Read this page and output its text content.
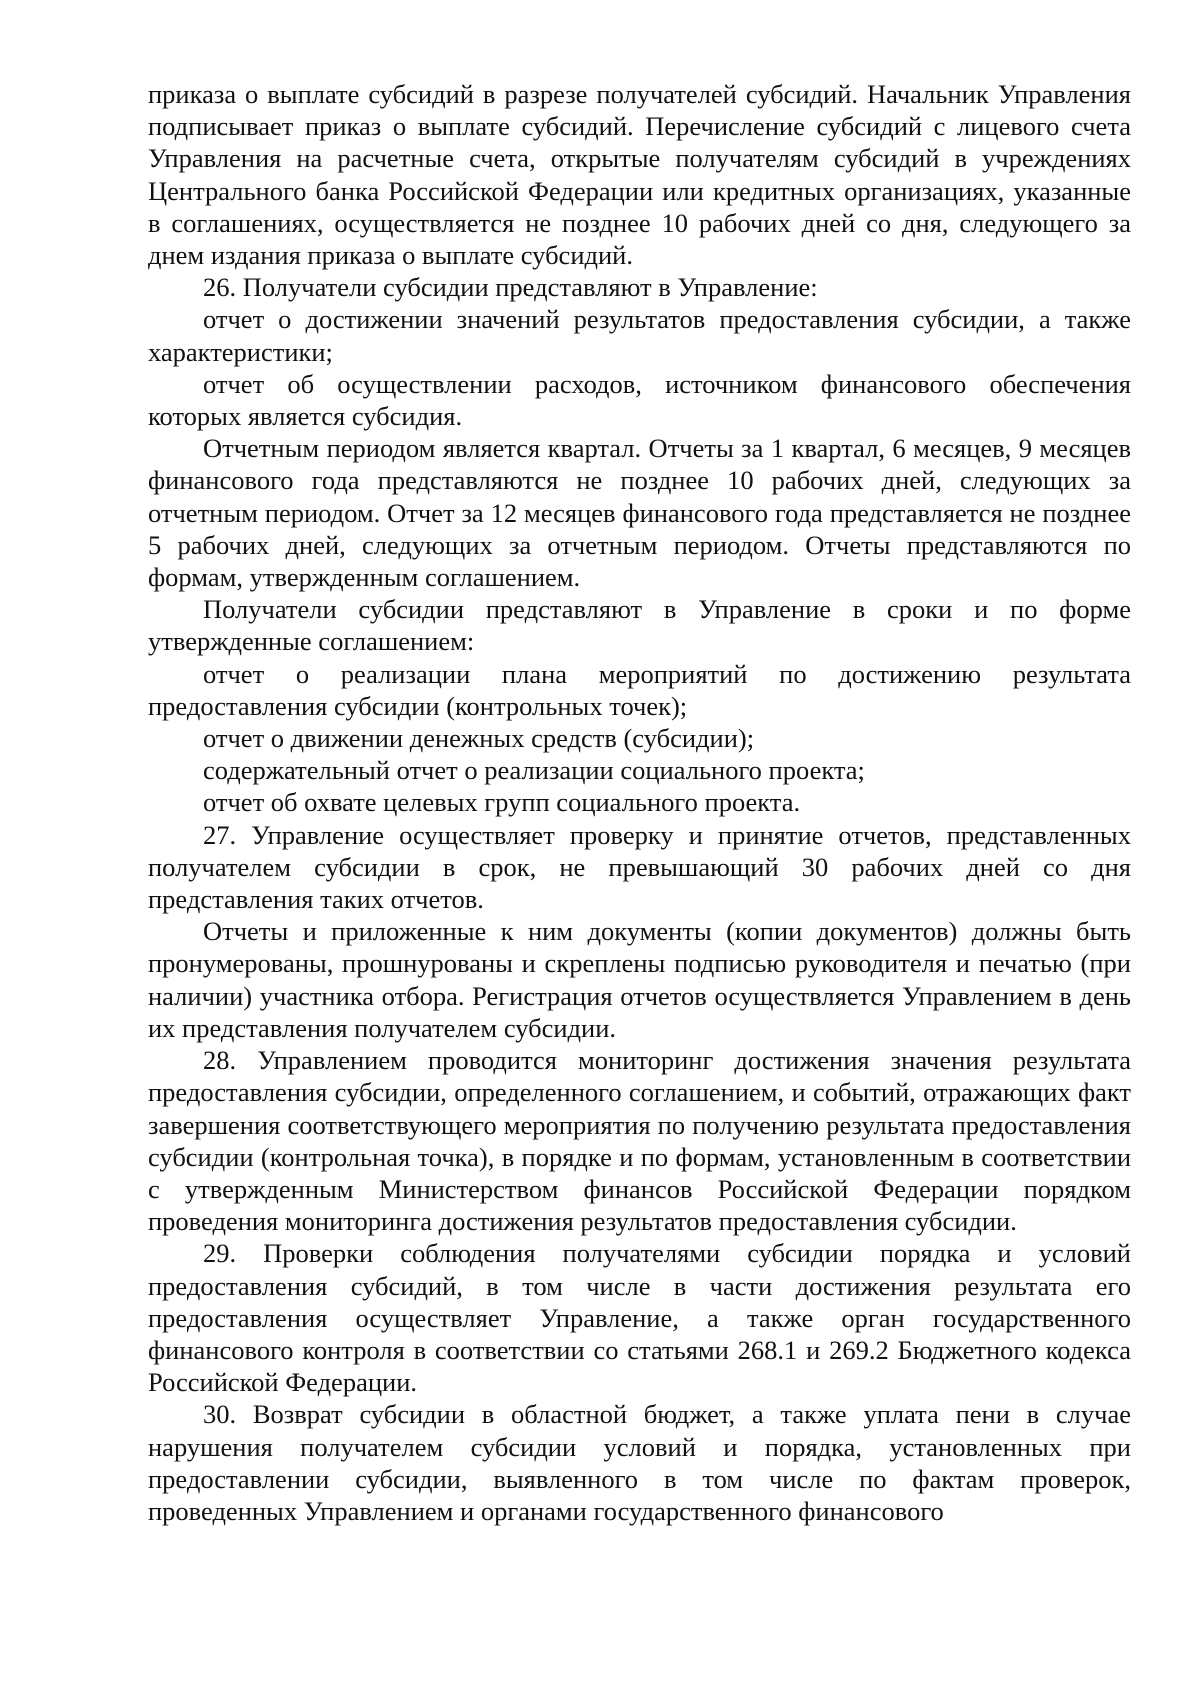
приказа о выплате субсидий в разрезе получателей субсидий. Начальник Управления подписывает приказ о выплате субсидий. Перечисление субсидий с лицевого счета Управления на расчетные счета, открытые получателям субсидий в учреждениях Центрального банка Российской Федерации или кредитных организациях, указанные в соглашениях, осуществляется не позднее 10 рабочих дней со дня, следующего за днем издания приказа о выплате субсидий.

26. Получатели субсидии представляют в Управление:

отчет о достижении значений результатов предоставления субсидии, а также характеристики;

отчет об осуществлении расходов, источником финансового обеспечения которых является субсидия.

Отчетным периодом является квартал. Отчеты за 1 квартал, 6 месяцев, 9 месяцев финансового года представляются не позднее 10 рабочих дней, следующих за отчетным периодом. Отчет за 12 месяцев финансового года представляется не позднее 5 рабочих дней, следующих за отчетным периодом. Отчеты представляются по формам, утвержденным соглашением.

Получатели субсидии представляют в Управление в сроки и по форме утвержденные соглашением:

отчет о реализации плана мероприятий по достижению результата предоставления субсидии (контрольных точек);

отчет о движении денежных средств (субсидии);

содержательный отчет о реализации социального проекта;

отчет об охвате целевых групп социального проекта.

27. Управление осуществляет проверку и принятие отчетов, представленных получателем субсидии в срок, не превышающий 30 рабочих дней со дня представления таких отчетов.

Отчеты и приложенные к ним документы (копии документов) должны быть пронумерованы, прошнурованы и скреплены подписью руководителя и печатью (при наличии) участника отбора. Регистрация отчетов осуществляется Управлением в день их представления получателем субсидии.

28. Управлением проводится мониторинг достижения значения результата предоставления субсидии, определенного соглашением, и событий, отражающих факт завершения соответствующего мероприятия по получению результата предоставления субсидии (контрольная точка), в порядке и по формам, установленным в соответствии с утвержденным Министерством финансов Российской Федерации порядком проведения мониторинга достижения результатов предоставления субсидии.

29. Проверки соблюдения получателями субсидии порядка и условий предоставления субсидий, в том числе в части достижения результата его предоставления осуществляет Управление, а также орган государственного финансового контроля в соответствии со статьями 268.1 и 269.2 Бюджетного кодекса Российской Федерации.

30. Возврат субсидии в областной бюджет, а также уплата пени в случае нарушения получателем субсидии условий и порядка, установленных при предоставлении субсидии, выявленного в том числе по фактам проверок, проведенных Управлением и органами государственного финансового
